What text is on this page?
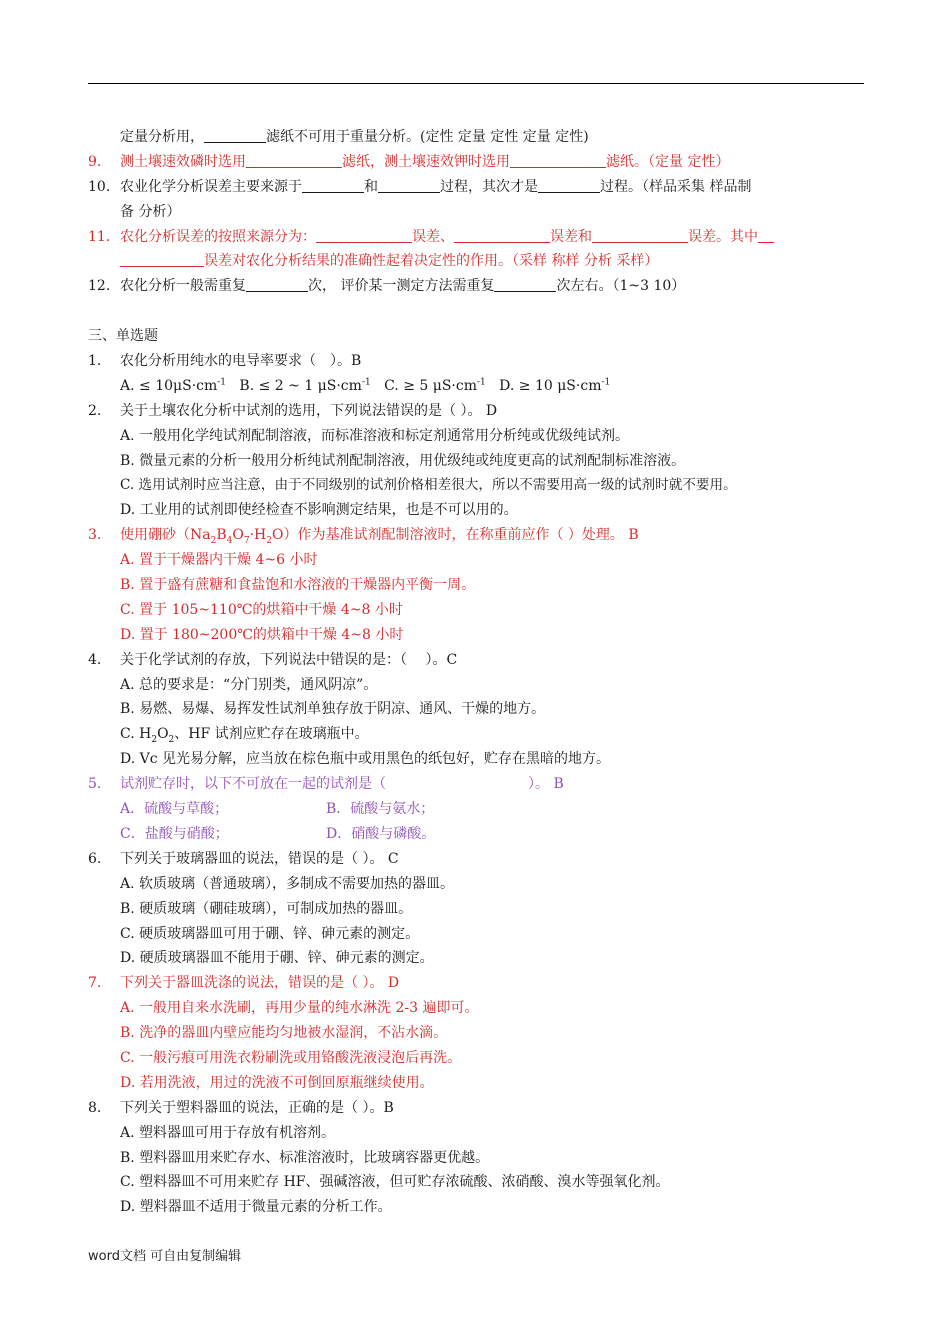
定量分析用，	滤纸不可用于重量分析。(定性 定量 定性 定量 定性)
9. 测土壤速效磷时选用	滤纸，测土壤速效钾时选用	滤纸。（定量 定性）
10. 农业化学分析误差主要来源于	和	过程，其次才是	过程。（样品采集 样品制
备 分析）
11. 农化分析误差的按照来源分为：	误差、	误差和	误差。其中
误差对农化分析结果的准确性起着决定性的作用。（采样 称样 分析 采样）
12. 农化分析一般需重复	次， 评价某一测定方法需重复	次左右。（1~3 10）
三、单选题
1. 农化分析用纯水的电导率要求（　）。B
A. ≤ $10\mu S\cdot cm^{-1}$ B. ≤ 2 ~ 1 $\mu S\cdot cm^{-1}$ C. ≥ 5 $\mu S\cdot cm^{-1}$ D. ≥ 10 $\mu S\cdot cm^{-1}$
2. 关于土壤农化分析中试剂的选用，下列说法错误的是（ ）。 D
A. 一般用化学纯试剂配制溶液，而标准溶液和标定剂通常用分析纯或优级纯试剂。
B. 微量元素的分析一般用分析纯试剂配制溶液，用优级纯或纯度更高的试剂配制标准溶液。
C. 选用试剂时应当注意，由于不同级别的试剂价格相差很大，所以不需要用高一级的试剂时就不要用。
D. 工业用的试剂即使经检查不影响测定结果，也是不可以用的。
3. 使用硼砂$(Na_2B_4O_7\cdot H_2O)$作为基准试剂配制溶液时，在称重前应作（ ）处理。 B
A. 置于干燥器内干燥 4~6 小时
B. 置于盛有蔗糖和食盐饱和水溶液的干燥器内平衡一周。
C. 置于 105~110℃的烘箱中干燥 4~8 小时
D. 置于 180~200℃的烘箱中干燥 4~8 小时
4. 关于化学试剂的存放，下列说法中错误的是：（　 ）。C
A. 总的要求是：“分门别类，通风阴凉”。
B. 易燃、易爆、易挥发性试剂单独存放于阴凉、通风、干燥的地方。
C. $H_2O_2$、HF 试剂应贮存在玻璃瓶中。
D. Vc 见光易分解，应当放在棕色瓶中或用黑色的纸包好，贮存在黑暗的地方。
5. 试剂贮存时，以下不可放在一起的试剂是（	）。 B
A．硫酸与草酸；	B．硫酸与氨水；
C．盐酸与硝酸；	D．硝酸与磷酸。
6. 下列关于玻璃器皿的说法，错误的是（ ）。 C
A. 软质玻璃（普通玻璃），多制成不需要加热的器皿。
B. 硬质玻璃（硼硅玻璃），可制成加热的器皿。
C. 硬质玻璃器皿可用于硼、锌、砷元素的测定。
D. 硬质玻璃器皿不能用于硼、锌、砷元素的测定。
7. 下列关于器皿洗涤的说法，错误的是（ ）。 D
A. 一般用自来水洗刷，再用少量的纯水淋洗 2-3 遍即可。
B. 洗净的器皿内壁应能均匀地被水湿润，不沾水滴。
C. 一般污痕可用洗衣粉刷洗或用铬酸洗液浸泡后再洗。
D. 若用洗液，用过的洗液不可倒回原瓶继续使用。
8. 下列关于塑料器皿的说法，正确的是（ ）。B
A. 塑料器皿可用于存放有机溶剂。
B. 塑料器皿用来贮存水、标准溶液时，比玻璃容器更优越。
C. 塑料器皿不可用来贮存 HF、强碱溶液，但可贮存浓硫酸、浓硝酸、溴水等强氧化剂。
D. 塑料器皿不适用于微量元素的分析工作。
word文档 可自由复制编辑
